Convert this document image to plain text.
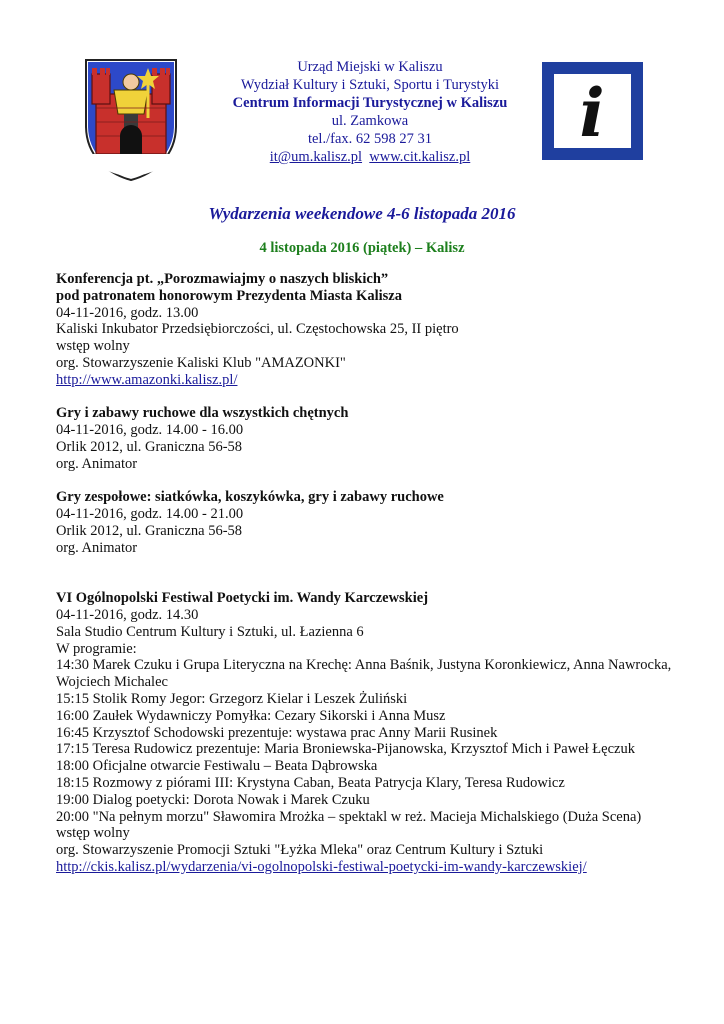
Urząd Miejski w Kaliszu
Wydział Kultury i Sztuki, Sportu i Turystyki
Centrum Informacji Turystycznej w Kaliszu
ul. Zamkowa
tel./fax. 62 598 27 31
it@um.kalisz.pl www.cit.kalisz.pl
i
Wydarzenia weekendowe 4-6 listopada 2016
4 listopada 2016 (piątek) – Kalisz
Konferencja pt. „Porozmawiajmy o naszych bliskich”
pod patronatem honorowym Prezydenta Miasta Kalisza
04-11-2016, godz. 13.00
Kaliski Inkubator Przedsiębiorczości, ul. Częstochowska 25, II piętro
wstęp wolny
org. Stowarzyszenie Kaliski Klub "AMAZONKI"
http://www.amazonki.kalisz.pl/
Gry i zabawy ruchowe dla wszystkich chętnych
04-11-2016, godz. 14.00 - 16.00
Orlik 2012, ul. Graniczna 56-58
org. Animator
Gry zespołowe: siatkówka, koszykówka, gry i zabawy ruchowe
04-11-2016, godz. 14.00 - 21.00
Orlik 2012, ul. Graniczna 56-58
org. Animator
VI Ogólnopolski Festiwal Poetycki im. Wandy Karczewskiej
04-11-2016, godz. 14.30
Sala Studio Centrum Kultury i Sztuki, ul. Łazienna 6
W programie:
14:30 Marek Czuku i Grupa Literyczna na Krechę: Anna Baśnik, Justyna Koronkiewicz, Anna Nawrocka, Wojciech Michalec
15:15 Stolik Romy Jegor: Grzegorz Kielar i Leszek Żuliński
16:00 Zaułek Wydawniczy Pomyłka: Cezary Sikorski i Anna Musz
16:45 Krzysztof Schodowski prezentuje: wystawa prac Anny Marii Rusinek
17:15 Teresa Rudowicz prezentuje: Maria Broniewska-Pijanowska, Krzysztof Mich i Paweł Łęczuk
18:00 Oficjalne otwarcie Festiwalu – Beata Dąbrowska
18:15 Rozmowy z piórami III: Krystyna Caban, Beata Patrycja Klary, Teresa Rudowicz
19:00 Dialog poetycki: Dorota Nowak i Marek Czuku
20:00 "Na pełnym morzu" Sławomira Mrożka – spektakl w reż. Macieja Michalskiego (Duża Scena)
wstęp wolny
org. Stowarzyszenie Promocji Sztuki "Łyżka Mleka" oraz Centrum Kultury i Sztuki
http://ckis.kalisz.pl/wydarzenia/vi-ogolnopolski-festiwal-poetycki-im-wandy-karczewskiej/
